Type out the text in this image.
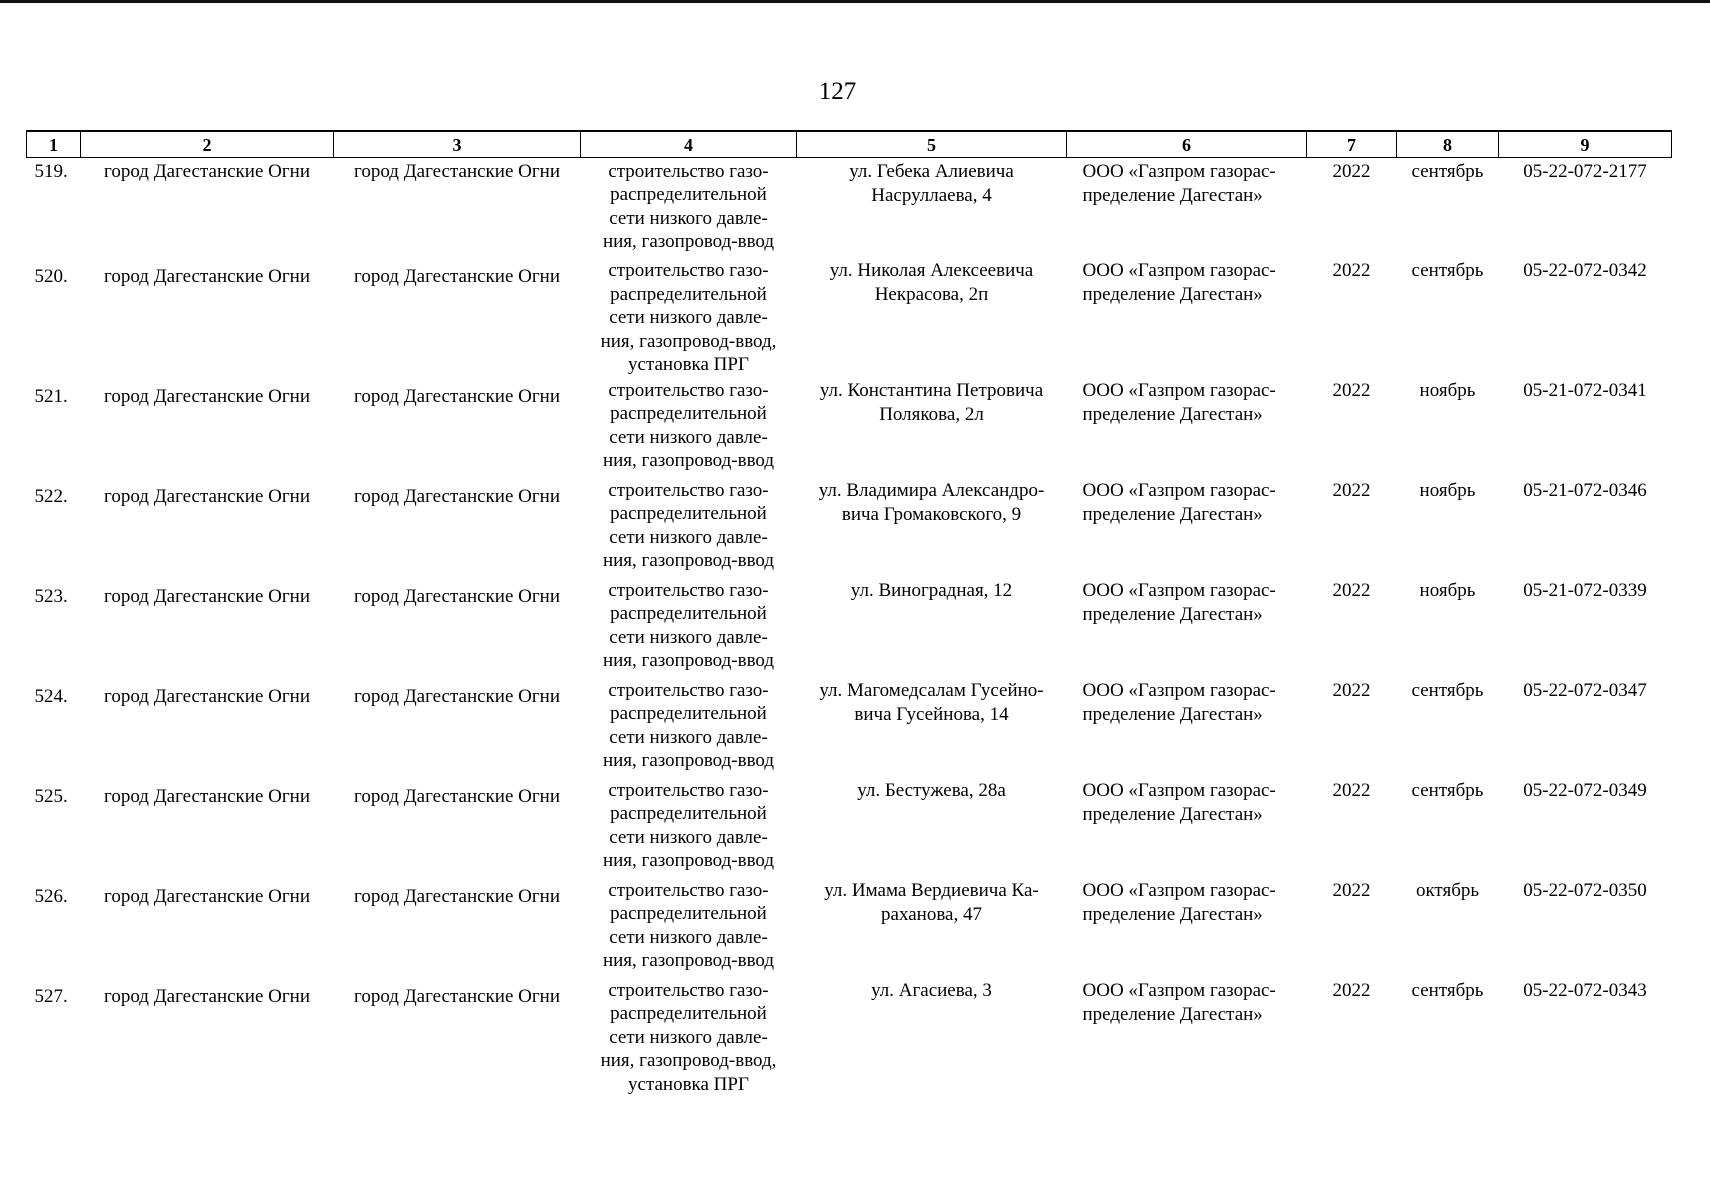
127
1	2	3	4	5	6	7	8	9
519.	город Дагестанские Огни	город Дагестанские Огни	строительство газо-
распределительной
сети низкого давле-
ния, газопровод-ввод	ул. Гебека Алиевича
Насруллаева, 4	ООО «Газпром газорас-
пределение Дагестан»	2022	сентябрь	05-22-072-2177
520.	город Дагестанские Огни	город Дагестанские Огни	строительство газо-
распределительной
сети низкого давле-
ния, газопровод-ввод,
установка ПРГ	ул. Николая Алексеевича
Некрасова, 2п	ООО «Газпром газорас-
пределение Дагестан»	2022	сентябрь	05-22-072-0342
521.	город Дагестанские Огни	город Дагестанские Огни	строительство газо-
распределительной
сети низкого давле-
ния, газопровод-ввод	ул. Константина Петровича
Полякова, 2л	ООО «Газпром газорас-
пределение Дагестан»	2022	ноябрь	05-21-072-0341
522.	город Дагестанские Огни	город Дагестанские Огни	строительство газо-
распределительной
сети низкого давле-
ния, газопровод-ввод	ул. Владимира Александро-
вича Громаковского, 9	ООО «Газпром газорас-
пределение Дагестан»	2022	ноябрь	05-21-072-0346
523.	город Дагестанские Огни	город Дагестанские Огни	строительство газо-
распределительной
сети низкого давле-
ния, газопровод-ввод	ул. Виноградная, 12	ООО «Газпром газорас-
пределение Дагестан»	2022	ноябрь	05-21-072-0339
524.	город Дагестанские Огни	город Дагестанские Огни	строительство газо-
распределительной
сети низкого давле-
ния, газопровод-ввод	ул. Магомедсалам Гусейно-
вича Гусейнова, 14	ООО «Газпром газорас-
пределение Дагестан»	2022	сентябрь	05-22-072-0347
525.	город Дагестанские Огни	город Дагестанские Огни	строительство газо-
распределительной
сети низкого давле-
ния, газопровод-ввод	ул. Бестужева, 28а	ООО «Газпром газорас-
пределение Дагестан»	2022	сентябрь	05-22-072-0349
526.	город Дагестанские Огни	город Дагестанские Огни	строительство газо-
распределительной
сети низкого давле-
ния, газопровод-ввод	ул. Имама Вердиевича Ка-
раханова, 47	ООО «Газпром газорас-
пределение Дагестан»	2022	октябрь	05-22-072-0350
527.	город Дагестанские Огни	город Дагестанские Огни	строительство газо-
распределительной
сети низкого давле-
ния, газопровод-ввод,
установка ПРГ	ул. Агасиева, 3	ООО «Газпром газорас-
пределение Дагестан»	2022	сентябрь	05-22-072-0343
